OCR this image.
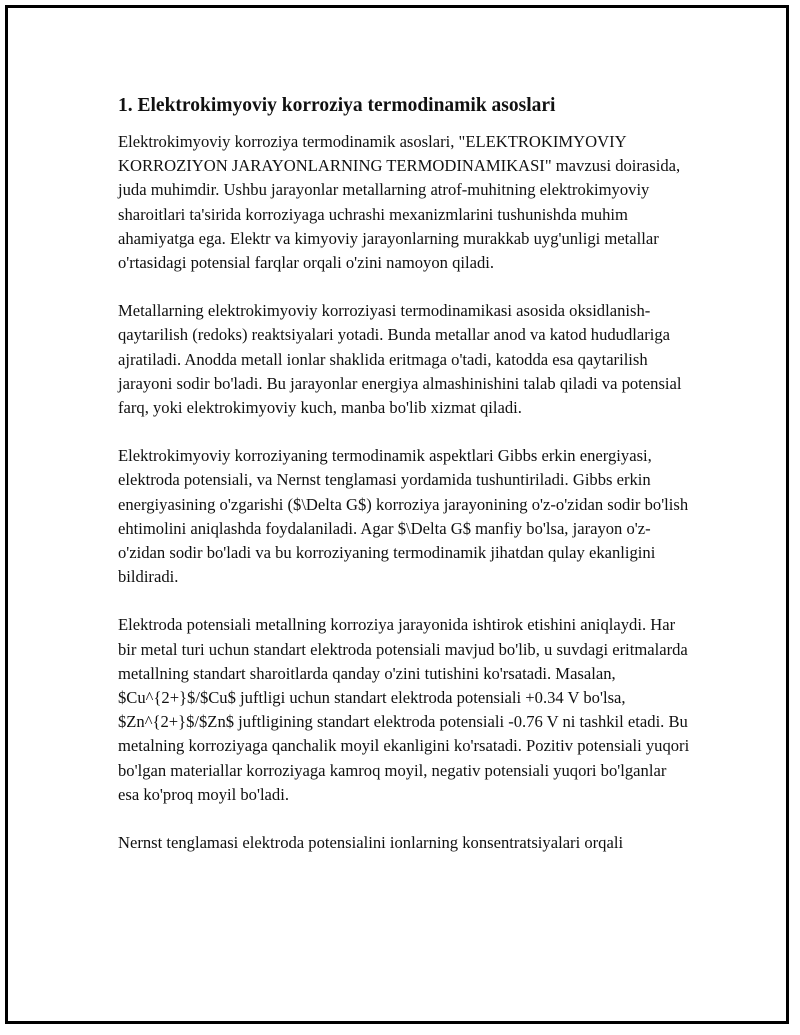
1. Elektrokimyoviy korroziya termodinamik asoslari

Elektrokimyoviy korroziya termodinamik asoslari, "ELEKTROKIMYOVIY KORROZIYON JARAYONLARNING TERMODINAMIKASI" mavzusi doirasida, juda muhimdir. Ushbu jarayonlar metallarning atrof-muhitning elektrokimyoviy sharoitlari ta'sirida korroziyaga uchrashi mexanizmlarini tushunishda muhim ahamiyatga ega. Elektr va kimyoviy jarayonlarning murakkab uyg'unligi metallar o'rtasidagi potensial farqlar orqali o'zini namoyon qiladi.

Metallarning elektrokimyoviy korroziyasi termodinamikasi asosida oksidlanish-qaytarilish (redoks) reaktsiyalari yotadi. Bunda metallar anod va katod hududlariga ajratiladi. Anodda metall ionlar shaklida eritmaga o'tadi, katodda esa qaytarilish jarayoni sodir bo'ladi. Bu jarayonlar energiya almashinishini talab qiladi va potensial farq, yoki elektrokimyoviy kuch, manba bo'lib xizmat qiladi.

Elektrokimyoviy korroziyaning termodinamik aspektlari Gibbs erkin energiyasi, elektroda potensiali, va Nernst tenglamasi yordamida tushuntiriladi. Gibbs erkin energiyasining o'zgarishi ($\Delta G$) korroziya jarayonining o'z-o'zidan sodir bo'lish ehtimolini aniqlashda foydalaniladi. Agar $\Delta G$ manfiy bo'lsa, jarayon o'z-o'zidan sodir bo'ladi va bu korroziyaning termodinamik jihatdan qulay ekanligini bildiradi.

Elektroda potensiali metallning korroziya jarayonida ishtirok etishini aniqlaydi. Har bir metal turi uchun standart elektroda potensiali mavjud bo'lib, u suvdagi eritmalarda metallning standart sharoitlarda qanday o'zini tutishini ko'rsatadi. Masalan, $Cu^{2+}$/$Cu$ juftligi uchun standart elektroda potensiali +0.34 V bo'lsa, $Zn^{2+}$/$Zn$ juftligining standart elektroda potensiali -0.76 V ni tashkil etadi. Bu metalning korroziyaga qanchalik moyil ekanligini ko'rsatadi. Pozitiv potensiali yuqori bo'lgan materiallar korroziyaga kamroq moyil, negativ potensiali yuqori bo'lganlar esa ko'proq moyil bo'ladi.

Nernst tenglamasi elektroda potensialini ionlarning konsentratsiyalari orqali
